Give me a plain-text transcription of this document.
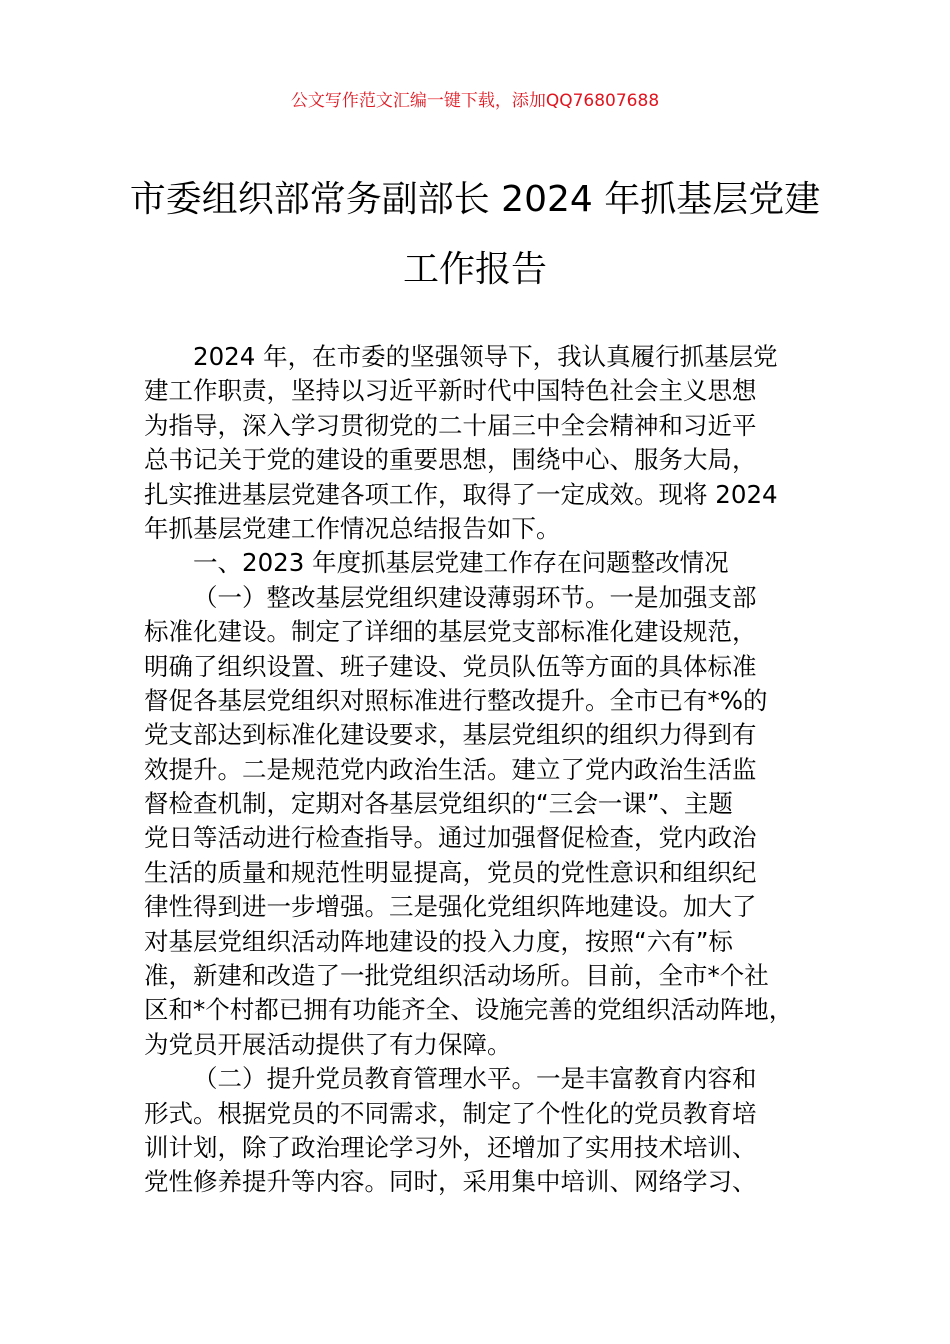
公文写作范文汇编一键下载，添加QQ76807688
市委组织部常务副部长 2024 年抓基层党建
工作报告
2024 年，在市委的坚强领导下，我认真履行抓基层党
建工作职责，坚持以习近平新时代中国特色社会主义思想
为指导，深入学习贯彻党的二十届三中全会精神和习近平
总书记关于党的建设的重要思想，围绕中心、服务大局，
扎实推进基层党建各项工作，取得了一定成效。现将 2024
年抓基层党建工作情况总结报告如下。
一、2023 年度抓基层党建工作存在问题整改情况
（一）整改基层党组织建设薄弱环节。一是加强支部
标准化建设。制定了详细的基层党支部标准化建设规范，
明确了组织设置、班子建设、党员队伍等方面的具体标准
督促各基层党组织对照标准进行整改提升。全市已有*%的
党支部达到标准化建设要求，基层党组织的组织力得到有
效提升。二是规范党内政治生活。建立了党内政治生活监
督检查机制，定期对各基层党组织的“三会一课”、主题
党日等活动进行检查指导。通过加强督促检查，党内政治
生活的质量和规范性明显提高，党员的党性意识和组织纪
律性得到进一步增强。三是强化党组织阵地建设。加大了
对基层党组织活动阵地建设的投入力度，按照“六有”标
准，新建和改造了一批党组织活动场所。目前，全市*个社
区和*个村都已拥有功能齐全、设施完善的党组织活动阵地，
为党员开展活动提供了有力保障。
（二）提升党员教育管理水平。一是丰富教育内容和
形式。根据党员的不同需求，制定了个性化的党员教育培
训计划，除了政治理论学习外，还增加了实用技术培训、
党性修养提升等内容。同时，采用集中培训、网络学习、
